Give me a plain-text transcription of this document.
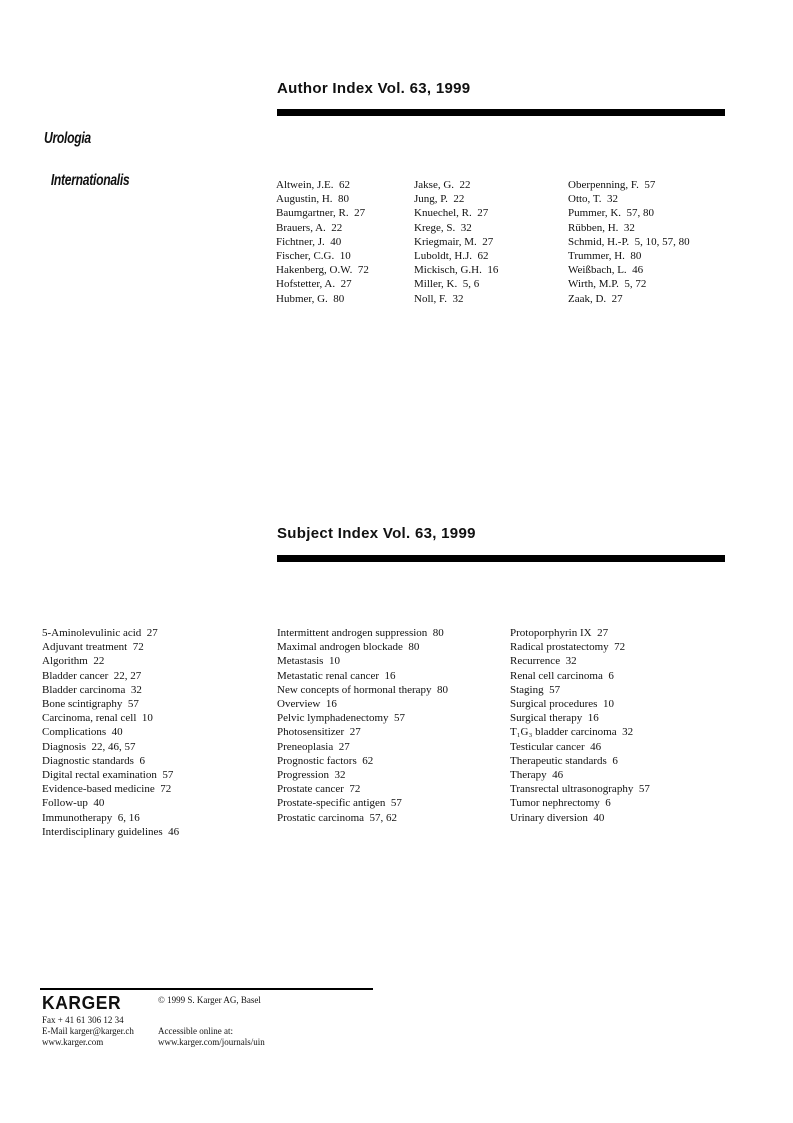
Urologia

Internationalis

Author Index Vol. 63, 1999
Altwein, J.E.  62
Augustin, H.  80
Baumgartner, R.  27
Brauers, A.  22
Fichtner, J.  40
Fischer, C.G.  10
Hakenberg, O.W.  72
Hofstetter, A.  27
Hubmer, G.  80
Jakse, G.  22
Jung, P.  22
Knuechel, R.  27
Krege, S.  32
Kriegmair, M.  27
Luboldt, H.J.  62
Mickisch, G.H.  16
Miller, K.  5, 6
Noll, F.  32
Oberpenning, F.  57
Otto, T.  32
Pummer, K.  57, 80
Rübben, H.  32
Schmid, H.-P.  5, 10, 57, 80
Trummer, H.  80
Weißbach, L.  46
Wirth, M.P.  5, 72
Zaak, D.  27
Subject Index Vol. 63, 1999
5-Aminolevulinic acid  27
Adjuvant treatment  72
Algorithm  22
Bladder cancer  22, 27
Bladder carcinoma  32
Bone scintigraphy  57
Carcinoma, renal cell  10
Complications  40
Diagnosis  22, 46, 57
Diagnostic standards  6
Digital rectal examination  57
Evidence-based medicine  72
Follow-up  40
Immunotherapy  6, 16
Interdisciplinary guidelines  46
Intermittent androgen suppression  80
Maximal androgen blockade  80
Metastasis  10
Metastatic renal cancer  16
New concepts of hormonal therapy  80
Overview  16
Pelvic lymphadenectomy  57
Photosensitizer  27
Preneoplasia  27
Prognostic factors  62
Progression  32
Prostate cancer  72
Prostate-specific antigen  57
Prostatic carcinoma  57, 62
Protoporphyrin IX  27
Radical prostatectomy  72
Recurrence  32
Renal cell carcinoma  6
Staging  57
Surgical procedures  10
Surgical therapy  16
T₁G₃ bladder carcinoma  32
Testicular cancer  46
Therapeutic standards  6
Therapy  46
Transrectal ultrasonography  57
Tumor nephrectomy  6
Urinary diversion  40
KARGER	© 1999 S. Karger AG, Basel
Fax + 41 61 306 12 34
E-Mail karger@karger.ch
www.karger.com
Accessible online at:
www.karger.com/journals/uin
